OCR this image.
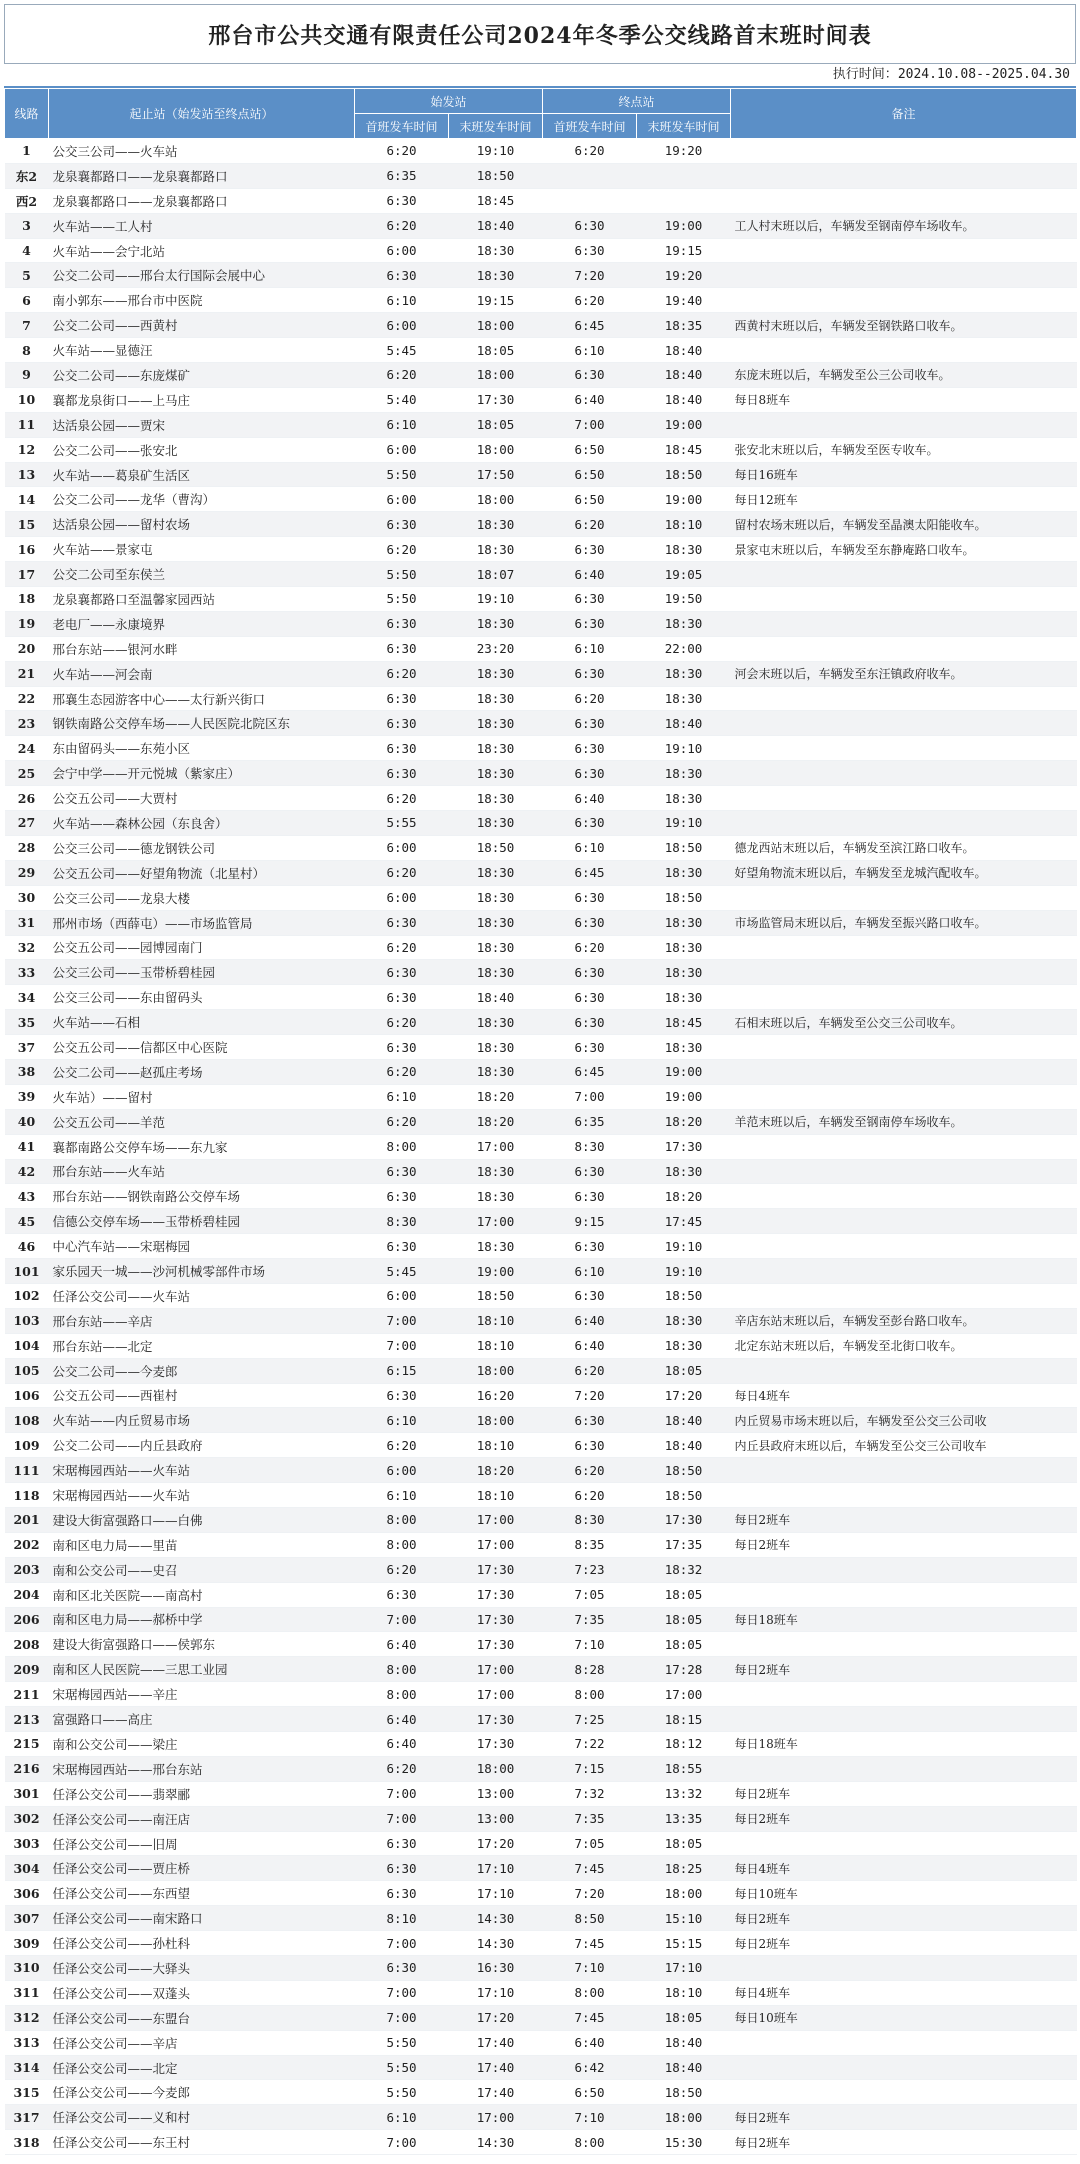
邢台市公共交通有限责任公司2024年冬季公交线路首末班时间表
执行时间：2024.10.08--2025.04.30
线路	起止站（始发站至终点站）	始发站		终点站		备注
		首班发车时间	末班发车时间	首班发车时间	末班发车时间	
1	公交三公司——火车站	6:20	19:10	6:20	19:20	
东2	龙泉襄都路口——龙泉襄都路口	6:35	18:50			
西2	龙泉襄都路口——龙泉襄都路口	6:30	18:45			
3	火车站——工人村	6:20	18:40	6:30	19:00	工人村末班以后，车辆发至钢南停车场收车。
4	火车站——会宁北站	6:00	18:30	6:30	19:15	
5	公交二公司——邢台太行国际会展中心	6:30	18:30	7:20	19:20	
6	南小郭东——邢台市中医院	6:10	19:15	6:20	19:40	
7	公交二公司——西黄村	6:00	18:00	6:45	18:35	西黄村末班以后，车辆发至钢铁路口收车。
8	火车站——显德汪	5:45	18:05	6:10	18:40	
9	公交二公司——东庞煤矿	6:20	18:00	6:30	18:40	东庞末班以后，车辆发至公三公司收车。
10	襄都龙泉街口——上马庄	5:40	17:30	6:40	18:40	每日8班车
11	达活泉公园——贾宋	6:10	18:05	7:00	19:00	
12	公交二公司——张安北	6:00	18:00	6:50	18:45	张安北末班以后，车辆发至医专收车。
13	火车站——葛泉矿生活区	5:50	17:50	6:50	18:50	每日16班车
14	公交二公司——龙华（曹沟）	6:00	18:00	6:50	19:00	每日12班车
15	达活泉公园——留村农场	6:30	18:30	6:20	18:10	留村农场末班以后，车辆发至晶澳太阳能收车。
16	火车站——景家屯	6:20	18:30	6:30	18:30	景家屯末班以后，车辆发至东静庵路口收车。
17	公交二公司至东侯兰	5:50	18:07	6:40	19:05	
18	龙泉襄都路口至温馨家园西站	5:50	19:10	6:30	19:50	
19	老电厂——永康境界	6:30	18:30	6:30	18:30	
20	邢台东站——银河水畔	6:30	23:20	6:10	22:00	
21	火车站——河会南	6:20	18:30	6:30	18:30	河会末班以后，车辆发至东汪镇政府收车。
22	邢襄生态园游客中心——太行新兴街口	6:30	18:30	6:20	18:30	
23	钢铁南路公交停车场——人民医院北院区东	6:30	18:30	6:30	18:40	
24	东由留码头——东苑小区	6:30	18:30	6:30	19:10	
25	会宁中学——开元悦城（紫家庄）	6:30	18:30	6:30	18:30	
26	公交五公司——大贾村	6:20	18:30	6:40	18:30	
27	火车站——森林公园（东良舍）	5:55	18:30	6:30	19:10	
28	公交三公司——德龙钢铁公司	6:00	18:50	6:10	18:50	德龙西站末班以后，车辆发至滨江路口收车。
29	公交五公司——好望角物流（北星村）	6:20	18:30	6:45	18:30	好望角物流末班以后，车辆发至龙城汽配收车。
30	公交三公司——龙泉大楼	6:00	18:30	6:30	18:50	
31	邢州市场（西薛屯）——市场监管局	6:30	18:30	6:30	18:30	市场监管局末班以后，车辆发至振兴路口收车。
32	公交五公司——园博园南门	6:20	18:30	6:20	18:30	
33	公交三公司——玉带桥碧桂园	6:30	18:30	6:30	18:30	
34	公交三公司——东由留码头	6:30	18:40	6:30	18:30	
35	火车站——石相	6:20	18:30	6:30	18:45	石相末班以后，车辆发至公交三公司收车。
37	公交五公司——信都区中心医院	6:30	18:30	6:30	18:30	
38	公交二公司——赵孤庄考场	6:20	18:30	6:45	19:00	
39	火车站）——留村	6:10	18:20	7:00	19:00	
40	公交五公司——羊范	6:20	18:20	6:35	18:20	羊范末班以后，车辆发至钢南停车场收车。
41	襄都南路公交停车场——东九家	8:00	17:00	8:30	17:30	
42	邢台东站——火车站	6:30	18:30	6:30	18:30	
43	邢台东站——钢铁南路公交停车场	6:30	18:30	6:30	18:20	
45	信德公交停车场——玉带桥碧桂园	8:30	17:00	9:15	17:45	
46	中心汽车站——宋琚梅园	6:30	18:30	6:30	19:10	
101	家乐园天一城——沙河机械零部件市场	5:45	19:00	6:10	19:10	
102	任泽公交公司——火车站	6:00	18:50	6:30	18:50	
103	邢台东站——辛店	7:00	18:10	6:40	18:30	辛店东站末班以后，车辆发至彭台路口收车。
104	邢台东站——北定	7:00	18:10	6:40	18:30	北定东站末班以后，车辆发至北街口收车。
105	公交二公司——今麦郎	6:15	18:00	6:20	18:05	
106	公交五公司——西崔村	6:30	16:20	7:20	17:20	每日4班车
108	火车站——内丘贸易市场	6:10	18:00	6:30	18:40	内丘贸易市场末班以后，车辆发至公交三公司收
109	公交二公司——内丘县政府	6:20	18:10	6:30	18:40	内丘县政府末班以后，车辆发至公交三公司收车
111	宋琚梅园西站——火车站	6:00	18:20	6:20	18:50	
118	宋琚梅园西站——火车站	6:10	18:10	6:20	18:50	
201	建设大街富强路口——白佛	8:00	17:00	8:30	17:30	每日2班车
202	南和区电力局——里苗	8:00	17:00	8:35	17:35	每日2班车
203	南和公交公司——史召	6:20	17:30	7:23	18:32	
204	南和区北关医院——南高村	6:30	17:30	7:05	18:05	
206	南和区电力局——郝桥中学	7:00	17:30	7:35	18:05	每日18班车
208	建设大街富强路口——侯郭东	6:40	17:30	7:10	18:05	
209	南和区人民医院——三思工业园	8:00	17:00	8:28	17:28	每日2班车
211	宋琚梅园西站——辛庄	8:00	17:00	8:00	17:00	
213	富强路口——高庄	6:40	17:30	7:25	18:15	
215	南和公交公司——梁庄	6:40	17:30	7:22	18:12	每日18班车
216	宋琚梅园西站——邢台东站	6:20	18:00	7:15	18:55	
301	任泽公交公司——翡翠郦	7:00	13:00	7:32	13:32	每日2班车
302	任泽公交公司——南汪店	7:00	13:00	7:35	13:35	每日2班车
303	任泽公交公司——旧周	6:30	17:20	7:05	18:05	
304	任泽公交公司——贾庄桥	6:30	17:10	7:45	18:25	每日4班车
306	任泽公交公司——东西望	6:30	17:10	7:20	18:00	每日10班车
307	任泽公交公司——南宋路口	8:10	14:30	8:50	15:10	每日2班车
309	任泽公交公司——孙杜科	7:00	14:30	7:45	15:15	每日2班车
310	任泽公交公司——大驿头	6:30	16:30	7:10	17:10	
311	任泽公交公司——双蓬头	7:00	17:10	8:00	18:10	每日4班车
312	任泽公交公司——东盟台	7:00	17:20	7:45	18:05	每日10班车
313	任泽公交公司——辛店	5:50	17:40	6:40	18:40	
314	任泽公交公司——北定	5:50	17:40	6:42	18:40	
315	任泽公交公司——今麦郎	5:50	17:40	6:50	18:50	
317	任泽公交公司——义和村	6:10	17:00	7:10	18:00	每日2班车
318	任泽公交公司——东王村	7:00	14:30	8:00	15:30	每日2班车
